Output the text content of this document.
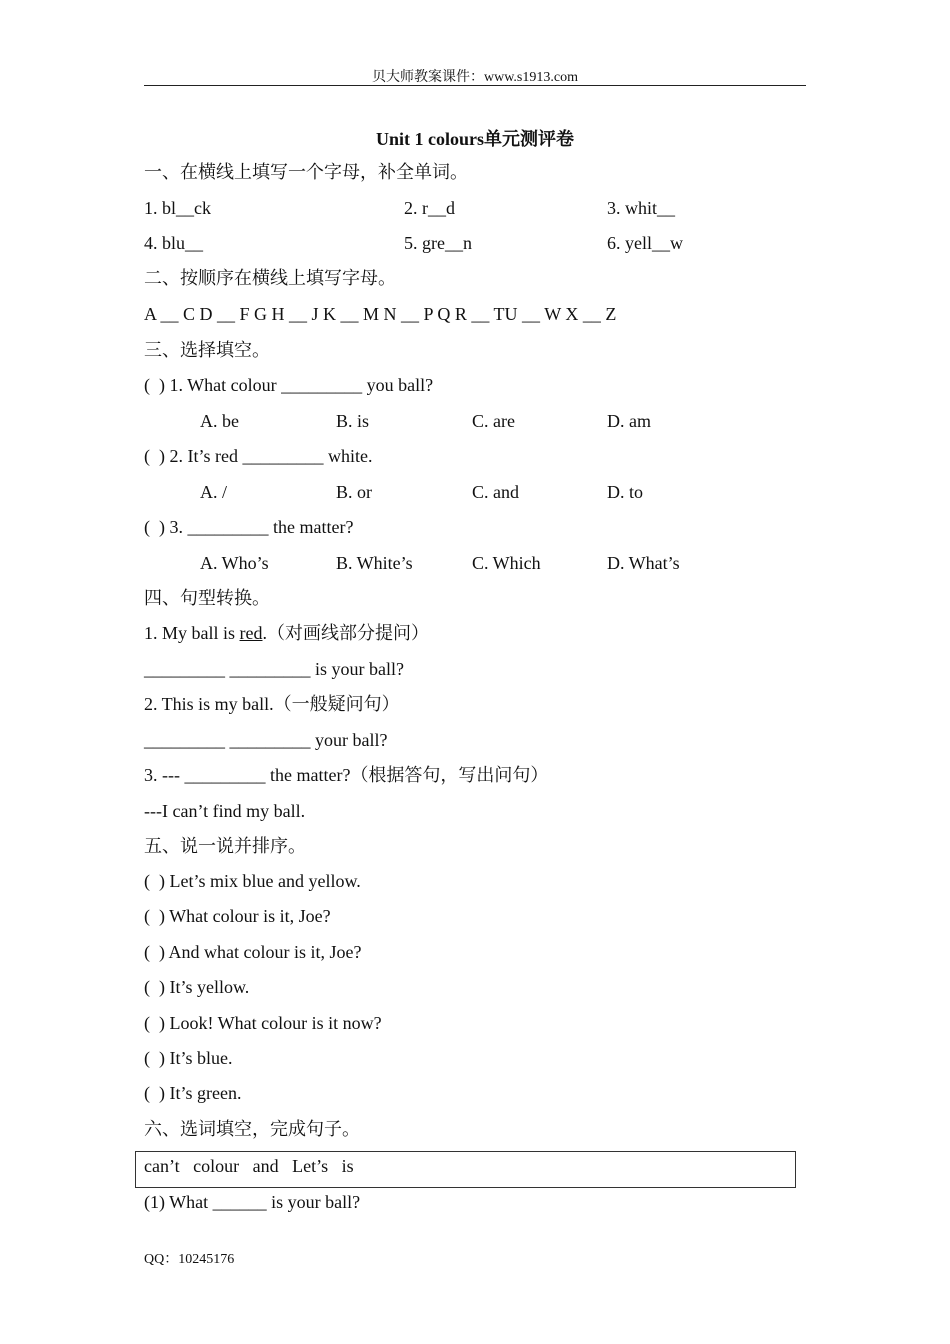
贝大师教案课件：www.s1913.com
Unit 1 colours单元测评卷
一、在横线上填写一个字母，补全单词。
1. bl__ck	2. r__d	3. whit__
4. blu__	5. gre__n	6. yell__w
二、按顺序在横线上填写字母。
A __ C D __ F G H __ J K __ M N __ P Q R __ TU __ W X __ Z
三、选择填空。
(  ) 1. What colour _________ you ball?
A. be	B. is	C. are	D. am
(  ) 2. It’s red _________ white.
A. /	B. or	C. and	D. to
(  ) 3. _________ the matter?
A. Who’s	B. White’s	C. Which	D. What’s
四、句型转换。
1. My ball is red.（对画线部分提问）
_________ _________ is your ball?
2. This is my ball.（一般疑问句）
_________ _________ your ball?
3. --- _________ the matter?（根据答句，写出问句）
---I can’t find my ball.
五、说一说并排序。
(  ) Let’s mix blue and yellow.
(  ) What colour is it, Joe?
(  ) And what colour is it, Joe?
(  ) It’s yellow.
(  ) Look! What colour is it now?
(  ) It’s blue.
(  ) It’s green.
六、选词填空，完成句子。
can’t   colour   and   Let’s   is
(1) What ______ is your ball?
QQ：10245176
